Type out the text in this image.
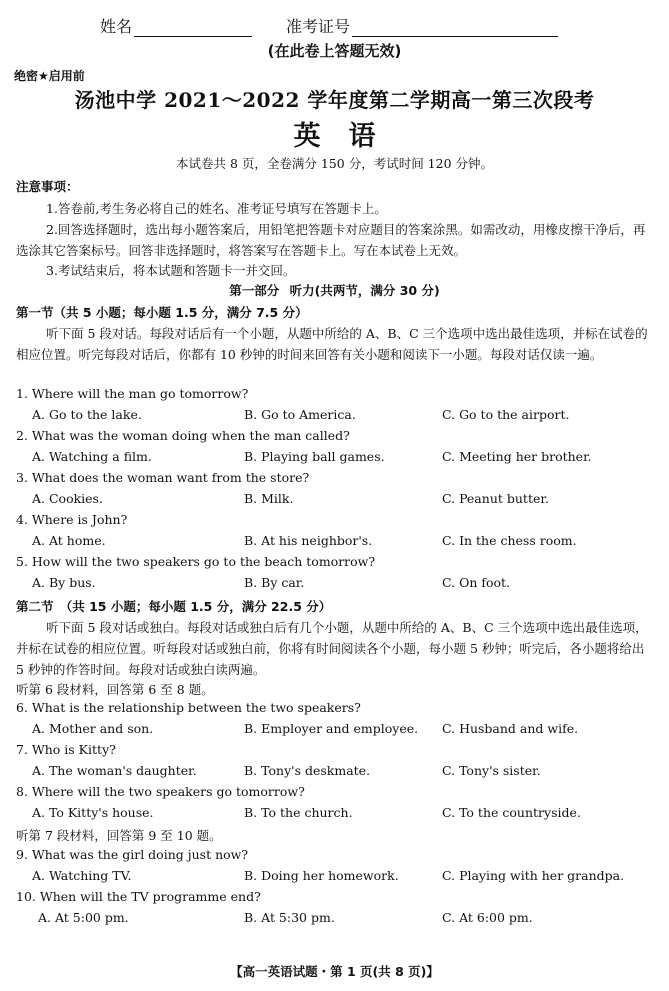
姓名	准考证号
(在此卷上答题无效)
绝密★启用前
汤池中学 2021～2022 学年度第二学期高一第三次段考
英 语
本试卷共 8 页，全卷满分 150 分，考试时间 120 分钟。
注意事项：
1.答卷前,考生务必将自己的姓名、准考证号填写在答题卡上。
2.回答选择题时，选出每小题答案后，用铅笔把答题卡对应题目的答案涂黑。如需改动，用橡皮擦干净后，再选涂其它答案标号。回答非选择题时，将答案写在答题卡上。写在本试卷上无效。
3.考试结束后，将本试题和答题卡一并交回。
第一部分 听力(共两节，满分 30 分)
第一节（共 5 小题；每小题 1.5 分，满分 7.5 分）
听下面 5 段对话。每段对话后有一个小题，从题中所给的 A、B、C 三个选项中选出最佳选项，并标在试卷的相应位置。听完每段对话后，你都有 10 秒钟的时间来回答有关小题和阅读下一小题。每段对话仅读一遍。
1. Where will the man go tomorrow?
A. Go to the lake.	B. Go to America.	C. Go to the airport.
2. What was the woman doing when the man called?
A. Watching a film.	B. Playing ball games.	C. Meeting her brother.
3. What does the woman want from the store?
A. Cookies.	B. Milk.	C. Peanut butter.
4. Where is John?
A. At home.	B. At his neighbor's.	C. In the chess room.
5. How will the two speakers go to the beach tomorrow?
A. By bus.	B. By car.	C. On foot.
第二节　（共 15 小题；每小题 1.5 分，满分 22.5 分）
听下面 5 段对话或独白。每段对话或独白后有几个小题，从题中所给的 A、B、C 三个选项中选出最佳选项，并标在试卷的相应位置。听每段对话或独白前，你将有时间阅读各个小题，每小题 5 秒钟；听完后，各小题将给出 5 秒钟的作答时间。每段对话或独白读两遍。
听第 6 段材料，回答第 6 至 8 题。
6. What is the relationship between the two speakers?
A. Mother and son.	B. Employer and employee. C. Husband and wife.
7. Who is Kitty?
A. The woman's daughter.	B. Tony's deskmate.	C. Tony's sister.
8. Where will the two speakers go tomorrow?
A. To Kitty's house.	B. To the church.	C. To the countryside.
听第 7 段材料，回答第 9 至 10 题。
9. What was the girl doing just now?
A. Watching TV.	B. Doing her homework.	C. Playing with her grandpa.
10. When will the TV programme end?
A. At 5:00 pm.	B. At 5:30 pm.	C. At 6:00 pm.
【高一英语试题・第 1 页(共 8 页)】
